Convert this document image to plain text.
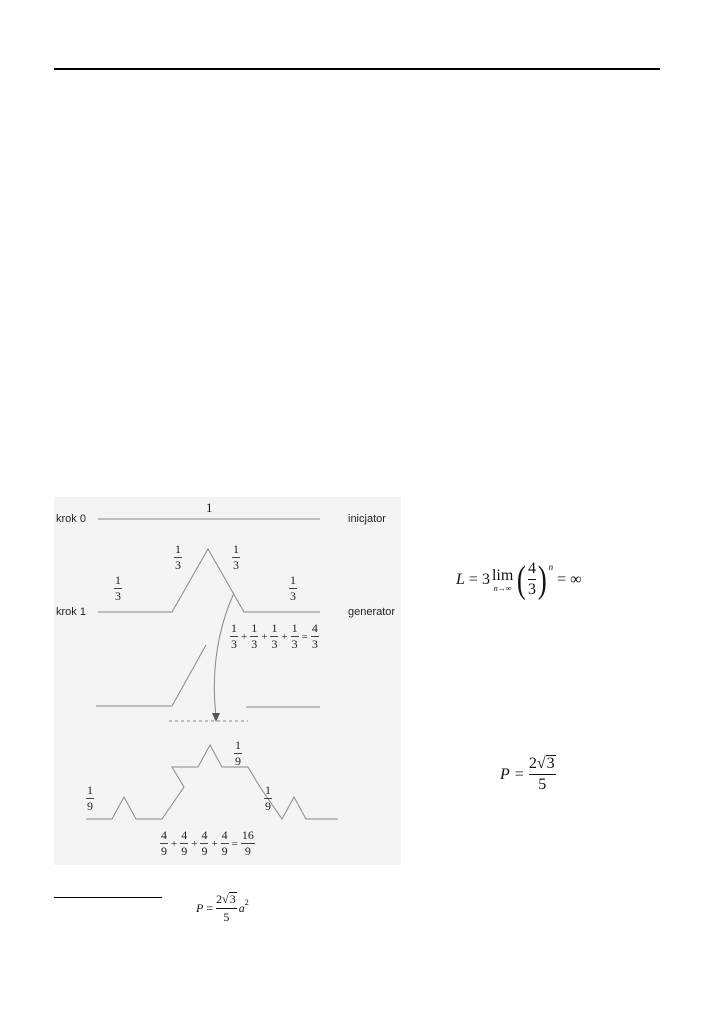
krok 0	inicjator
krok 1	generator
1
1
3
1
3
1
3
1
3
1
3
+
1
3
+
1
3
+
1
3
=
4
3
1
9
1
9
1
9
4
9
+
4
9
+
4
9
+
4
9
=
16
9
L = 3 lim
n→∞ ( 4
3 ) n
= ∞
P =
2 √ 3
5
P =
2 √ 3
5
a 2
